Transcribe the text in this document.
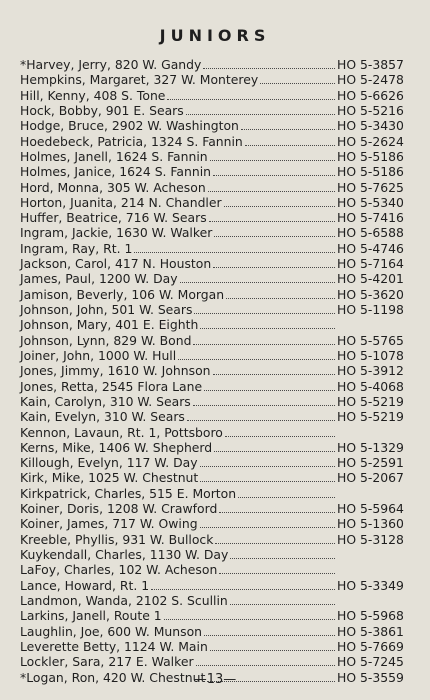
JUNIORS
*Harvey, Jerry, 820 W. Gandy	HO 5-3857
Hempkins, Margaret, 327 W. Monterey	HO 5-2478
Hill, Kenny, 408 S. Tone	HO 5-6626
Hock, Bobby, 901 E. Sears	HO 5-5216
Hodge, Bruce, 2902 W. Washington	HO 5-3430
Hoedebeck, Patricia, 1324 S. Fannin	HO 5-2624
Holmes, Janell, 1624 S. Fannin	HO 5-5186
Holmes, Janice, 1624 S. Fannin	HO 5-5186
Hord, Monna, 305 W. Acheson	HO 5-7625
Horton, Juanita, 214 N. Chandler	HO 5-5340
Huffer, Beatrice, 716 W. Sears	HO 5-7416
Ingram, Jackie, 1630 W. Walker	HO 5-6588
Ingram, Ray, Rt. 1	HO 5-4746
Jackson, Carol, 417 N. Houston	HO 5-7164
James, Paul, 1200 W. Day	HO 5-4201
Jamison, Beverly, 106 W. Morgan	HO 5-3620
Johnson, John, 501 W. Sears	HO 5-1198
Johnson, Mary, 401 E. Eighth
Johnson, Lynn, 829 W. Bond	HO 5-5765
Joiner, John, 1000 W. Hull	HO 5-1078
Jones, Jimmy, 1610 W. Johnson	HO 5-3912
Jones, Retta, 2545 Flora Lane	HO 5-4068
Kain, Carolyn, 310 W. Sears	HO 5-5219
Kain, Evelyn, 310 W. Sears	HO 5-5219
Kennon, Lavaun, Rt. 1, Pottsboro
Kerns, Mike, 1406 W. Shepherd	HO 5-1329
Killough, Evelyn, 117 W. Day	HO 5-2591
Kirk, Mike, 1025 W. Chestnut	HO 5-2067
Kirkpatrick, Charles, 515 E. Morton
Koiner, Doris, 1208 W. Crawford	HO 5-5964
Koiner, James, 717 W. Owing	HO 5-1360
Kreeble, Phyllis, 931 W. Bullock	HO 5-3128
Kuykendall, Charles, 1130 W. Day
LaFoy, Charles, 102 W. Acheson
Lance, Howard, Rt. 1	HO 5-3349
Landmon, Wanda, 2102 S. Scullin
Larkins, Janell, Route 1	HO 5-5968
Laughlin, Joe, 600 W. Munson	HO 5-3861
Leverette Betty, 1124 W. Main	HO 5-7669
Lockler, Sara, 217 E. Walker	HO 5-7245
*Logan, Ron, 420 W. Chestnut	HO 5-3559
—13—
